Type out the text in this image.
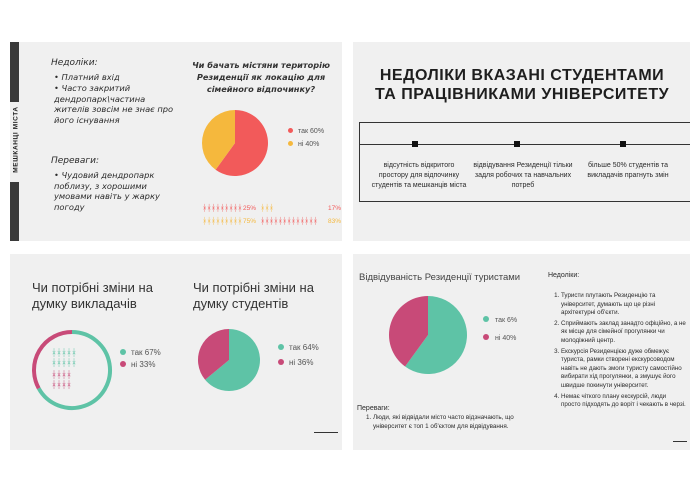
МЕШКАНЦІ МІСТА
Недоліки:
• Платний вхід
• Часто закритий дендропарк\частина жителів зовсім не знає про його існування
Переваги:
• Чудовий дендропарк поблизу, з хорошими умовами навіть у жарку погоду
Чи бачать містяни територію Резиденції як локацію для сімейного відпочинку?
так 60%
ні 40%
ᚼᚼᚼᚼᚼᚼᚼᚼᚼ 25% ᚼᚼᚼ	17%
ᚼᚼᚼᚼᚼᚼᚼᚼᚼ 75% ᚼᚼᚼᚼᚼᚼᚼᚼᚼᚼᚼᚼᚼ 83%
НЕДОЛІКИ ВКАЗАНІ СТУДЕНТАМИ ТА ПРАЦІВНИКАМИ УНІВЕРСИТЕТУ
відсутність відкритого простору для відпочинку студентів та мешканців міста
відвідування Резиденції тільки задля робочих та навчальних потреб
більше 50% студентів та викладачів прагнуть змін
Чи потрібні зміни на думку викладачів
Чи потрібні зміни на думку студентів
ᚼᚼᚼᚼᚼ
ᚼᚼᚼᚼᚼ
ᚼᚼᚼᚼ
ᚼᚼᚼᚼ
так 67%
ні 33%
так 64%
ні 36%
Відвідуваність Резиденції туристами
так 6%
ні 40%
Недоліки:
1. Туристи плутають Резиденцію та університет, думають що це різні архітектурні об'єкти.
2. Сприймають заклад занадто офіційно, а не як місце для сімейної прогулянки чи молодіжний центр.
3. Екскурсія Резиденцією дуже обмежує туриста, рамки створені екскурсоводом навіть не дають змоги туристу самостійно вибирати хід прогулянки, а змушує його швидше покинути університет.
4. Немає чіткого плану екскурсій, люди просто підходять до воріт і чекають в черзі.
Переваги:
1. Люди, які відвідали місто часто відзначають, що університет є топ 1 об'єктом для відвідування.
